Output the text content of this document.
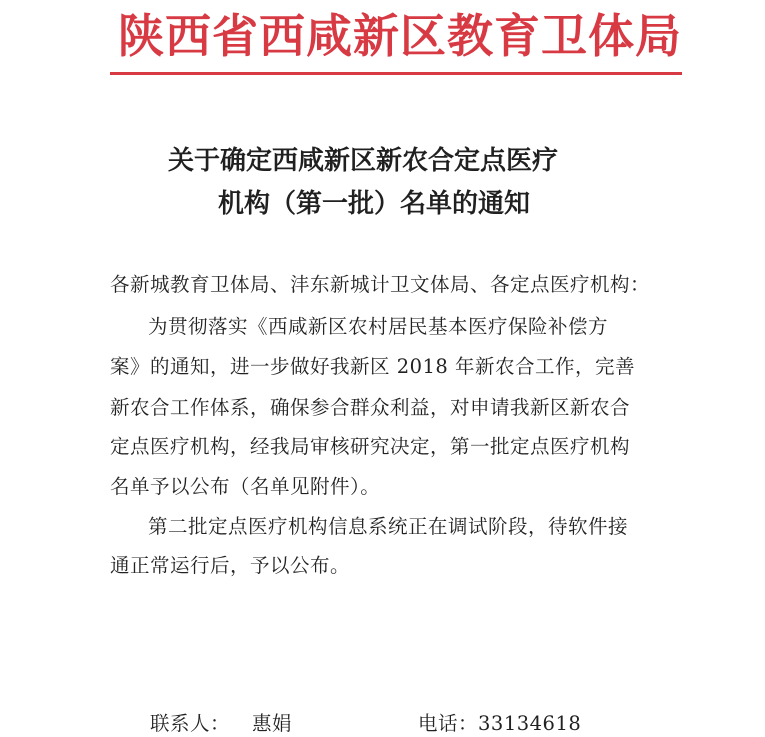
陕西省西咸新区教育卫体局
关于确定西咸新区新农合定点医疗
机构（第一批）名单的通知
各新城教育卫体局、沣东新城计卫文体局、各定点医疗机构：
为贯彻落实《西咸新区农村居民基本医疗保险补偿方
案》的通知，进一步做好我新区 2018 年新农合工作，完善
新农合工作体系，确保参合群众利益，对申请我新区新农合
定点医疗机构，经我局审核研究决定，第一批定点医疗机构
名单予以公布（名单见附件）。
第二批定点医疗机构信息系统正在调试阶段，待软件接
通正常运行后，予以公布。
联系人： 惠娟	电话：33134618
